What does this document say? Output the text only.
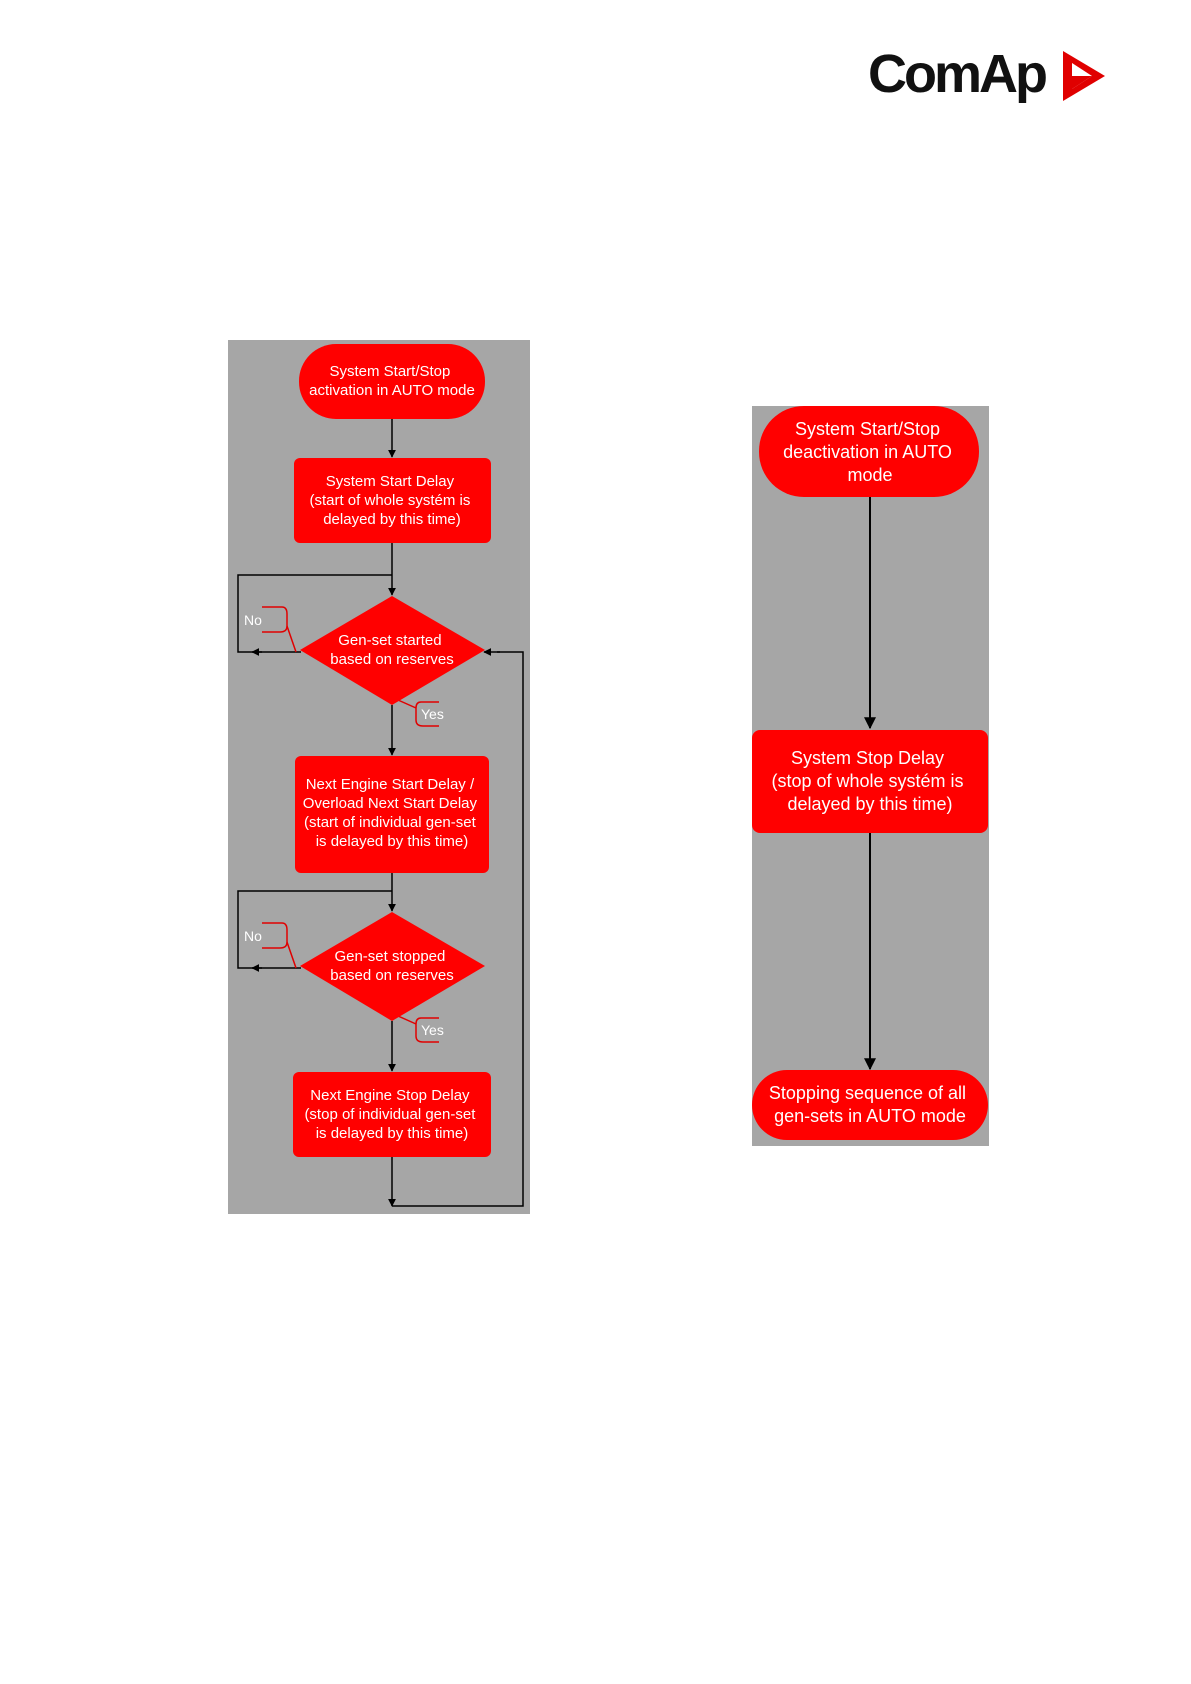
ComAp
No
Yes
No
Yes
System Start/Stop activation in AUTO mode
System Start Delay (start of whole systém is delayed by this time)
Gen-set started based on reserves
Next Engine Start Delay / Overload Next Start Delay (start of individual gen-set is delayed by this time)
Gen-set stopped based on reserves
Next Engine Stop Delay (stop of individual gen-set is delayed by this time)
System Start/Stop deactivation in AUTO mode
System Stop Delay (stop of whole systém is delayed by this time)
Stopping sequence of all gen-sets in AUTO mode
